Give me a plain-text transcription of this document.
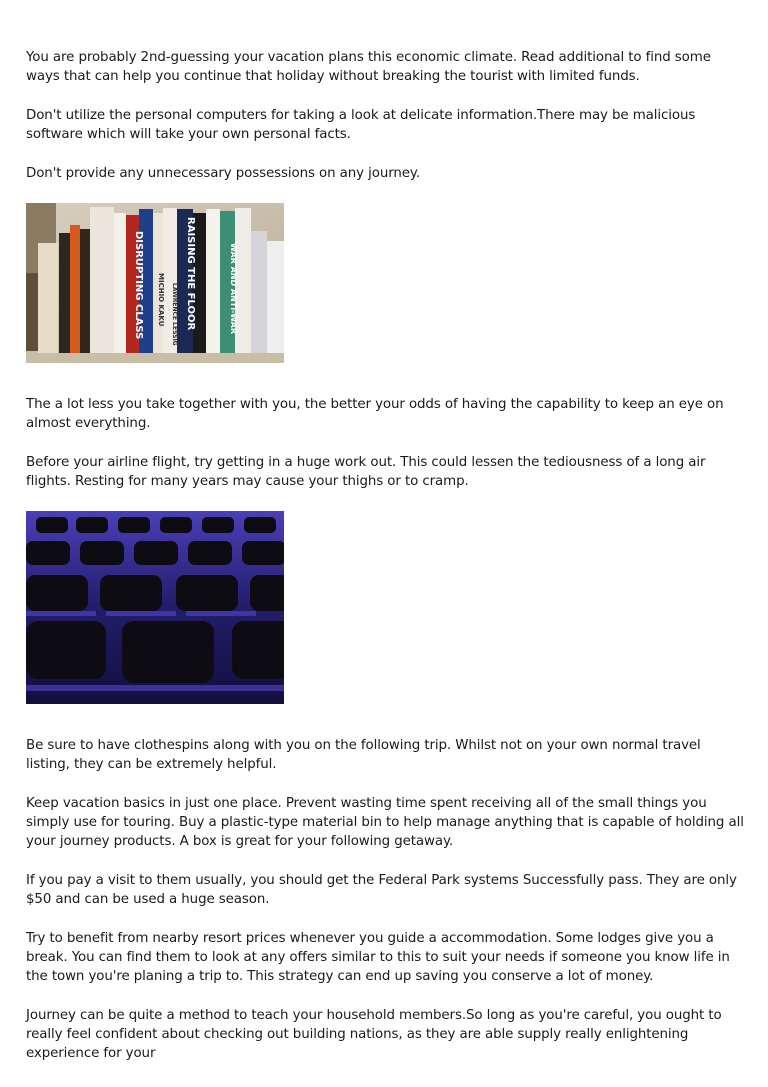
You are probably 2nd-guessing your vacation plans this economic climate. Read additional to find some ways that can help you continue that holiday without breaking the tourist with limited funds.

Don't utilize the personal computers for taking a look at delicate information.There may be malicious software which will take your own personal facts.

Don't provide any unnecessary possessions on any journey.

DISRUPTING CLASS	RAISING THE FLOOR	WAR AND ANTI-WAR
MICHIO KAKU LAWRENCE LESSIG

The a lot less you take together with you, the better your odds of having the capability to keep an eye on almost everything.

Before your airline flight, try getting in a huge work out. This could lessen the tediousness of a long air flights. Resting for many years may cause your thighs or to cramp.

Be sure to have clothespins along with you on the following trip. Whilst not on your own normal travel listing, they can be extremely helpful.

Keep vacation basics in just one place. Prevent wasting time spent receiving all of the small things you simply use for touring. Buy a plastic-type material bin to help manage anything that is capable of holding all your journey products. A box is great for your following getaway.

If you pay a visit to them usually, you should get the Federal Park systems Successfully pass. They are only $50 and can be used a huge season.

Try to benefit from nearby resort prices whenever you guide a accommodation. Some lodges give you a break. You can find them to look at any offers similar to this to suit your needs if someone you know life in the town you're planing a trip to. This strategy can end up saving you conserve a lot of money.

Journey can be quite a method to teach your household members.So long as you're careful, you ought to really feel confident about checking out building nations, as they are able supply really enlightening experience for your
